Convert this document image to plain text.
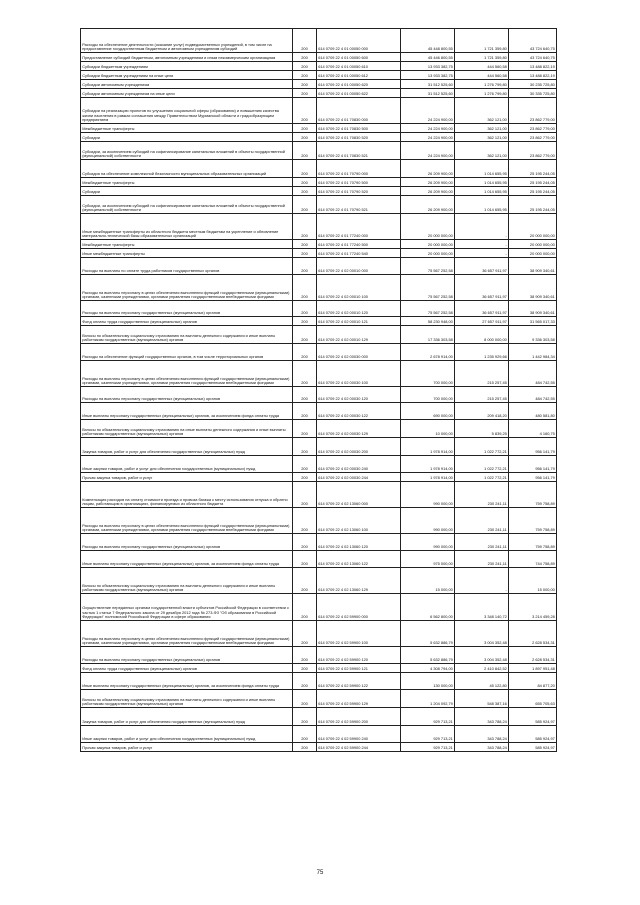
Расходы на обеспечение деятельности (оказание услуг) подведомственных учреждений, в том числе на предоставление государственным бюджетным и автономным учреждениям субсидий	200	614 0709 22 4 01 00050 000	45 448 800,55	1 721 359,80	43 724 640,75
Предоставление субсидий бюджетным, автономным учреждениям и иным некоммерческим организациям	200	614 0709 22 4 01 00050 600	45 446 800,55	1 721 359,80	43 724 640,75
Субсидии бюджетным учреждениям	200	614 0709 22 4 01 00050 610	13 933 382,75	444 560,58	13 488 822,19
Субсидии бюджетным учреждениям на иные цели	200	614 0709 22 4 01 00050 612	13 933 382,75	444 560,58	13 488 822,19
Субсидии автономным учреждениям	200	614 0709 22 4 01 00050 620	31 512 525,60	1 276 799,80	30 235 725,80
Субсидии автономным учреждениям на иные цели	200	614 0709 22 4 01 00050 622	31 512 525,60	1 276 799,80	30 335 725,80
Субсидии на реализацию проектов по улучшению социальной сферы (образования) и повышению качества жизни населения в рамках соглашения между Правительством Мурманской области и градообразующим предприятием	200	614 0709 22 4 01 70830 000	24 224 900,00	362 121,00	23 862 779,00
Межбюджетные трансферты	200	614 0709 22 4 01 70830 500	24 224 900,00	362 121,00	23 862 779,00
Субсидии	200	614 0709 22 4 01 70830 520	24 224 900,00	362 121,00	23 862 779,00
Субсидии, за исключением субсидий на софинансирование капитальных вложений в объекты государственной (муниципальной) собственности	200	614 0709 22 4 01 70830 521	24 224 900,00	362 121,00	23 862 779,00
Субсидия на обеспечение комплексной безопасности муниципальных образовательных организаций	200	614 0709 22 4 01 70790 000	26 209 900,00	1 014 655,95	25 195 244,05
Межбюджетные трансферты	200	614 0709 22 4 01 70790 500	26 209 900,00	1 014 655,95	25 195 244,05
Субсидии	200	614 0709 22 4 01 70790 520	26 209 900,00	1 014 655,95	25 195 244,05
Субсидии, за исключением субсидий на софинансирование капитальных вложений в объекты государственной (муниципальной) собственности	200	614 0709 22 4 01 70790 521	26 209 900,00	1 014 655,95	25 195 244,05
Иные межбюджетные трансферты из областного бюджета местным бюджетам на укрепление и обновление материально-технической базы образовательных организаций	200	614 0709 22 4 01 77240 000	20 000 000,00	-	20 000 000,00
Межбюджетные трансферты	200	614 0709 22 4 01 77240 500	20 000 000,00	-	20 000 000,00
Иные межбюджетные трансферты	200	614 0709 22 4 01 77240 540	20 000 000,00	-	20 000 000,00
Расходы на выплаты по оплате труда работников государственных органов	200	614 0709 22 4 02 00010 000	75 567 252,58	36 657 911,97	38 909 340,61
Расходы на выплаты персоналу в целях обеспечения выполнения функций государственными (муниципальными) органами, казенными учреждениями, органами управления государственными внебюджетными фондами	200	614 0709 22 4 02 00010 100	75 567 252,58	36 657 911,97	38 909 340,61
Расходы на выплаты персоналу государственных (муниципальных) органов	200	614 0709 22 4 02 00010 120	75 567 252,58	36 657 911,97	38 909 340,61
Фонд оплаты труда государственных (муниципальных) органов	200	614 0709 22 4 02 00010 121	58 230 948,00	27 657 911,97	31 565 017,33
Взносы по обязательному социальному страхованию на выплаты денежного содержания и иные выплаты работникам государственных (муниципальных) органов	200	614 0709 22 4 02 00010 129	17 336 303,58	8 000 000,00	9 336 303,58
Расходы на обеспечение функций государственных органов, в том числе территориальных органов	200	614 0709 22 4 02 00030 000	2 678 914,00	1 235 929,66	1 442 984,34
Расходы на выплаты персоналу в целях обеспечения выполнения функций государственными (муниципальными) органами, казенными учреждениями, органами управления государственными внебюджетными фондами	200	614 0709 22 4 02 00030 100	700 000,00	215 257,45	484 742,55
Расходы на выплаты персоналу государственных (муниципальных) органов	200	614 0709 22 4 02 00030 120	700 000,00	215 257,45	484 742,55
Иные выплаты персоналу государственных (муниципальных) органов, за исключением фонда оплаты труда	200	614 0709 22 4 02 00030 122	690 000,00	209 418,20	480 581,80
Взносы по обязательному социальному страхованию на иные выплаты денежного содержания и иные выплаты работникам государственных (муниципальных) органов	200	614 0709 22 4 02 00030 129	10 000,00	5 839,25	4 160,75
Закупка товаров, работ и услуг для обеспечения государственных (муниципальных) нужд	200	614 0709 22 4 02 00030 200	1 978 914,00	1 022 772,21	956 141,79
Иные закупки товаров, работ и услуг для обеспечения государственных (муниципальных) нужд	200	614 0709 22 4 02 00030 240	1 978 914,00	1 022 772,21	956 141,79
Прочая закупка товаров, работ и услуг	200	614 0709 22 4 02 00030 244	1 978 914,00	1 022 772,21	956 141,79
Компенсация расходов на оплату стоимости проезда и провоза багажа к месту использования отпуска и обратно лицам, работающим в организациях, финансируемых из областного бюджета	200	614 0709 22 4 02 13060 000	990 000,00	230 241,11	759 758,89
Расходы на выплаты персоналу в целях обеспечения выполнения функций государственными (муниципальными) органами, казенными учреждениями, органами управления государственными внебюджетными фондами	200	614 0709 22 4 02 13060 100	990 000,00	230 241,11	759 758,89
Расходы на выплаты персоналу государственных (муниципальных) органов	200	614 0709 22 4 02 13060 120	990 000,00	230 241,11	759 758,89
Иные выплаты персоналу государственных (муниципальных) органов, за исключением фонда оплаты труда	200	614 0709 22 4 02 13060 122	975 000,00	230 241,11	744 758,89
Взносы по обязательному социальному страхованию на выплаты денежного содержания и иные выплаты работникам государственных (муниципальных) органов	200	614 0709 22 4 02 13060 129	15 000,00	-	15 000,00
Осуществление переданных органам государственной власти субъектов Российской Федерации в соответствии с частью 1 статьи 7 Федерального закона от 29 декабря 2012 года № 273-ФЗ "Об образовании в Российской Федерации" полномочий Российской Федерации в сфере образования	200	614 0709 22 4 02 59900 000	6 562 800,00	3 348 140,72	3 214 459,28
Расходы на выплаты персоналу в целях обеспечения выполнения функций государственными (муниципальными) органами, казенными учреждениями, органами управления государственными внебюджетными фондами	200	614 0709 22 4 02 59900 100	5 632 886,79	3 004 352,48	2 628 534,31
Расходы на выплаты персоналу государственных (муниципальных) органов	200	614 0709 22 4 02 59900 120	5 632 886,79	3 004 352,48	2 628 534,31
Фонд оплаты труда государственных (муниципальных) органов	200	614 0709 22 4 02 59900 121	4 308 794,00	2 410 842,52	1 897 951,48
Иные выплаты персоналу государственных (муниципальных) органов, за исключением фонда оплаты труда	200	614 0709 22 4 02 59900 122	130 000,00	45 122,80	84 877,20
Взносы по обязательному социальному страхованию на выплаты денежного содержания и иные выплаты работникам государственных (муниципальных) органов	200	614 0709 22 4 02 59900 129	1 204 092,79	548 387,16	655 705,63
Закупка товаров, работ и услуг для обеспечения государственных (муниципальных) нужд	200	614 0709 22 4 02 59900 200	929 713,21	343 788,24	585 924,97
Иные закупки товаров, работ и услуг для обеспечения государственных (муниципальных) нужд	200	614 0709 22 4 02 59900 240	929 713,21	343 788,24	585 924,97
Прочая закупка товаров, работ и услуг	200	614 0709 22 4 02 59900 244	929 713,21	343 788,24	585 924,97
75
